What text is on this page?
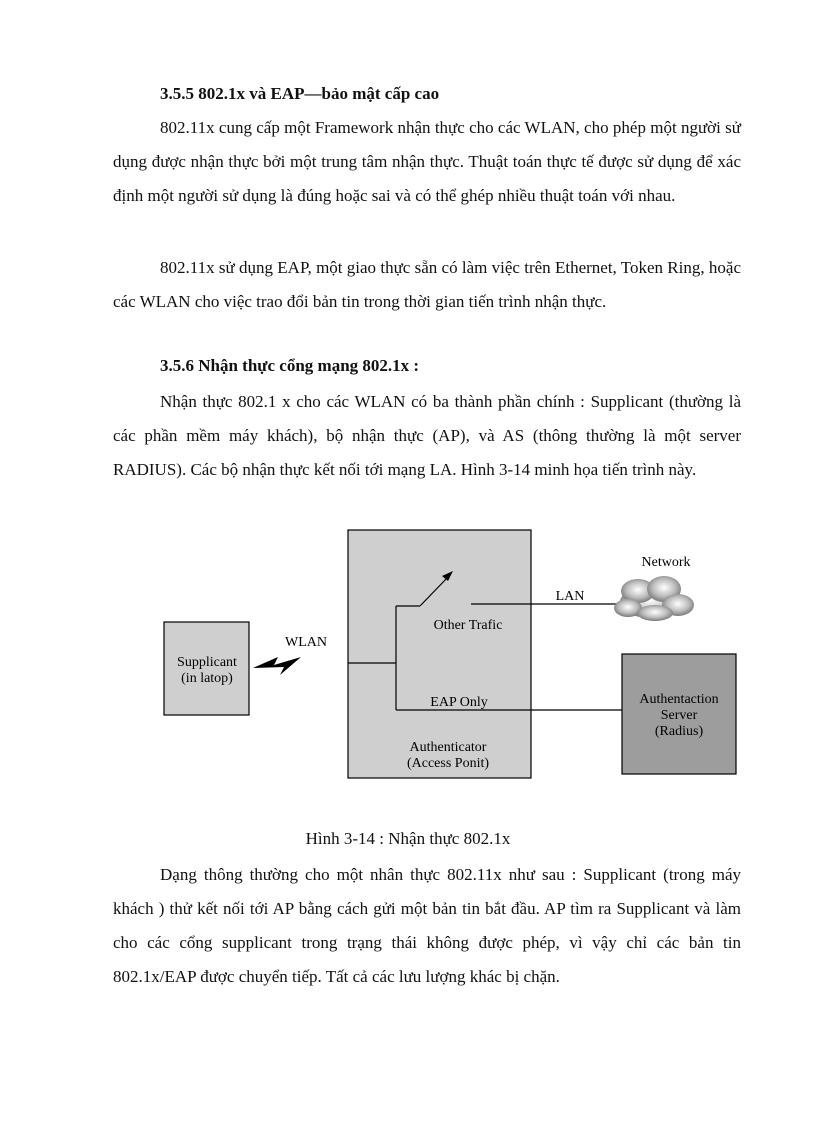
3.5.5 802.1x và EAP—bảo mật cấp cao

802.11x cung cấp một Framework nhận thực cho các WLAN, cho phép một người sử dụng được nhận thực bởi một trung tâm nhận thực. Thuật toán thực tế được sử dụng để xác định một người sử dụng là đúng hoặc sai và có thể ghép nhiều thuật toán với nhau.

802.11x sử dụng EAP, một giao thực sẵn có làm việc trên Ethernet, Token Ring, hoặc các WLAN cho việc trao đổi bản tin trong thời gian tiến trình nhận thực.

3.5.6 Nhận thực cổng mạng 802.1x :

Nhận thực 802.1 x cho các WLAN có ba thành phần chính : Supplicant (thường là các phần mềm máy khách), bộ nhận thực (AP), và AS (thông thường là một server RADIUS). Các bộ nhận thực kết nối tới mạng LA. Hình 3-14 minh họa tiến trình này.

Supplicant
(in latop)
WLAN
Other Trafic
EAP Only
Authenticator
(Access Ponit)
LAN
Network
Authentaction
Server
(Radius)

Hình 3-14 : Nhận thực 802.1x

Dạng thông thường cho một nhân thực 802.11x như sau : Supplicant (trong máy khách ) thử kết nối tới AP bằng cách gửi một bản tin bắt đầu. AP tìm ra Supplicant và làm cho các cổng supplicant trong trạng thái không được phép, vì vậy chỉ các bản tin 802.1x/EAP được chuyển tiếp. Tất cả các lưu lượng khác bị chặn.
